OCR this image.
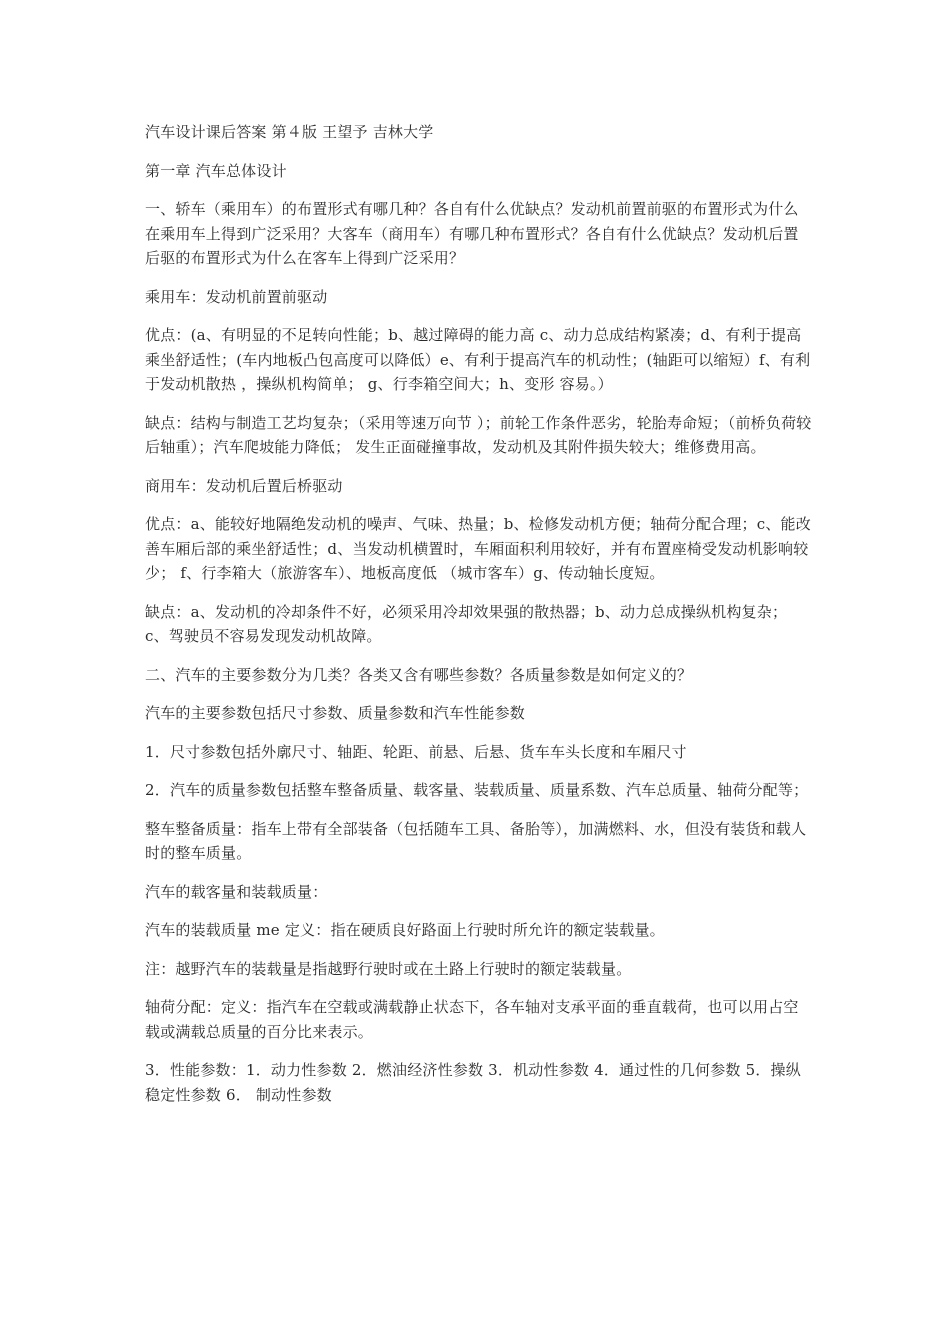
汽车设计课后答案 第４版 王望予 吉林大学

第一章 汽车总体设计

一、轿车（乘用车）的布置形式有哪几种？各自有什么优缺点？发动机前置前驱的布置形式为什么在乘用车上得到广泛采用？大客车（商用车）有哪几种布置形式？各自有什么优缺点？发动机后置后驱的布置形式为什么在客车上得到广泛采用？

乘用车：发动机前置前驱动

优点：(a、有明显的不足转向性能；b、越过障碍的能力高 c、动力总成结构紧凑；d、有利于提高乘坐舒适性；(车内地板凸包高度可以降低）e、有利于提高汽车的机动性；(轴距可以缩短）f、有利于发动机散热 ，操纵机构简单； g、行李箱空间大；h、变形 容易。）

缺点：结构与制造工艺均复杂；（采用等速万向节 ）；前轮工作条件恶劣，轮胎寿命短；（前桥负荷较后轴重）；汽车爬坡能力降低； 发生正面碰撞事故，发动机及其附件损失较大；维修费用高。

商用车：发动机后置后桥驱动

优点：a、能较好地隔绝发动机的噪声、气味、热量；b、检修发动机方便；轴荷分配合理；c、能改善车厢后部的乘坐舒适性；d、当发动机横置时，车厢面积利用较好，并有布置座椅受发动机影响较少； f、行李箱大（旅游客车）、地板高度低 （城市客车）g、传动轴长度短。

缺点：a、发动机的冷却条件不好，必须采用冷却效果强的散热器；b、动力总成操纵机构复杂； c、驾驶员不容易发现发动机故障。

二、汽车的主要参数分为几类？各类又含有哪些参数？各质量参数是如何定义的？

汽车的主要参数包括尺寸参数、质量参数和汽车性能参数

1．尺寸参数包括外廓尺寸、轴距、轮距、前悬、后悬、货车车头长度和车厢尺寸

2．汽车的质量参数包括整车整备质量、载客量、装载质量、质量系数、汽车总质量、轴荷分配等；

整车整备质量：指车上带有全部装备（包括随车工具、备胎等），加满燃料、水，但没有装货和载人时的整车质量。

汽车的载客量和装载质量：

汽车的装载质量 me 定义：指在硬质良好路面上行驶时所允许的额定装载量。

注：越野汽车的装载量是指越野行驶时或在土路上行驶时的额定装载量。

轴荷分配：定义：指汽车在空载或满载静止状态下，各车轴对支承平面的垂直载荷，也可以用占空载或满载总质量的百分比来表示。

3．性能参数：1．动力性参数 2．燃油经济性参数 3．机动性参数 4．通过性的几何参数 5．操纵稳定性参数 6． 制动性参数
